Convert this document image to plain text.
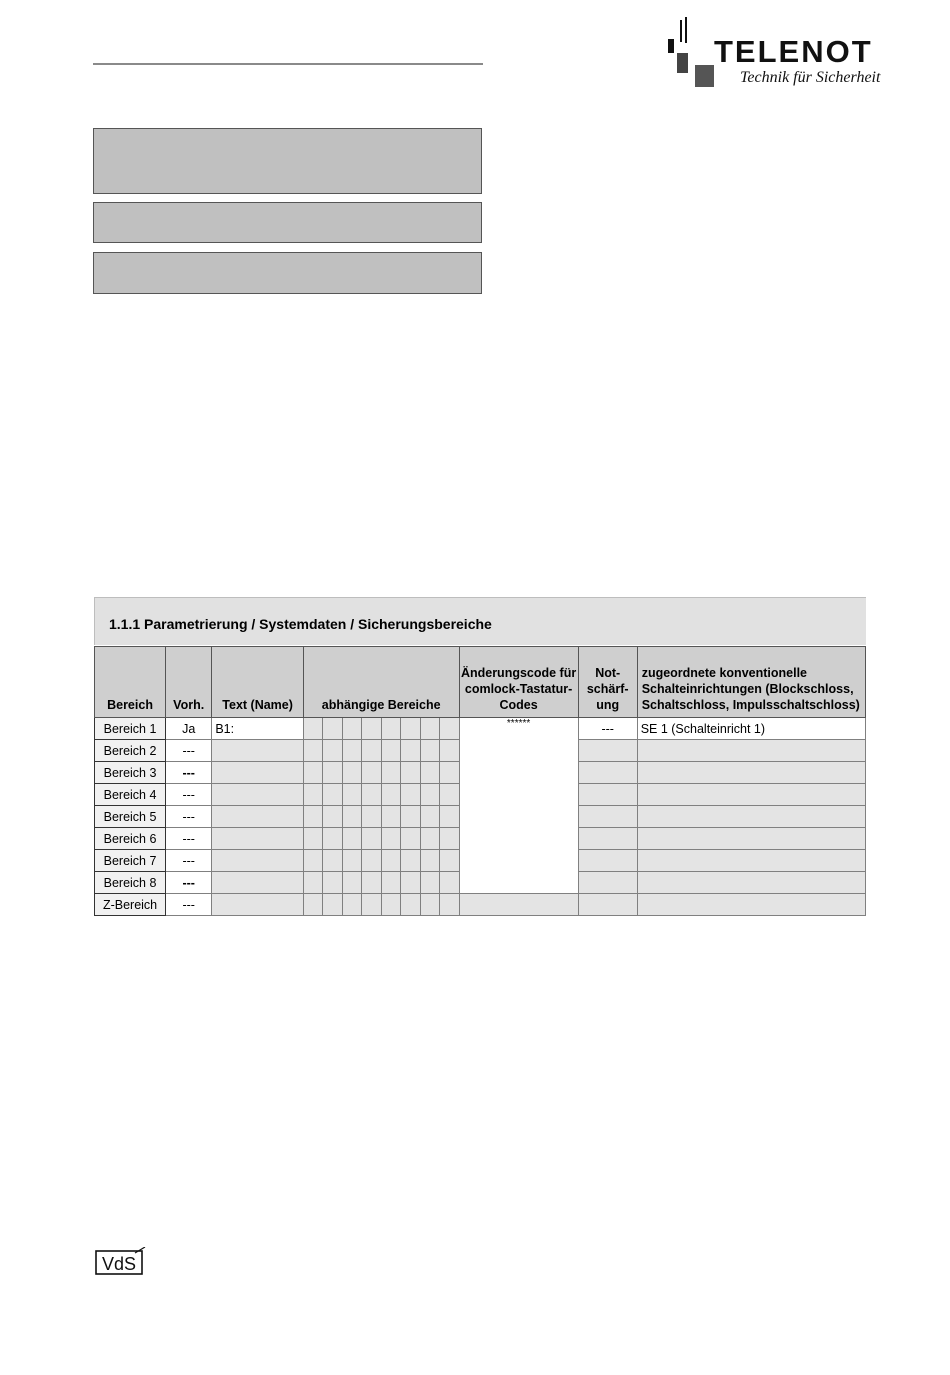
TELENOT
Technik für Sicherheit
1.1.1 Parametrierung / Systemdaten / Sicherungsbereiche
Bereich	Vorh.	Text (Name)	abhängige Bereiche								Änderungscode für comlock-Tastatur-Codes	Not-schärf-ung	zugeordnete konventionelle Schalteinrichtungen (Blockschloss, Schaltschloss, Impulsschaltschloss)
Bereich 1	Ja	B1:									******	---	SE 1 (Schalteinricht 1)
Bereich 2	---												
Bereich 3	---												
Bereich 4	---												
Bereich 5	---												
Bereich 6	---												
Bereich 7	---												
Bereich 8	---												
Z-Bereich	---												
VdS
